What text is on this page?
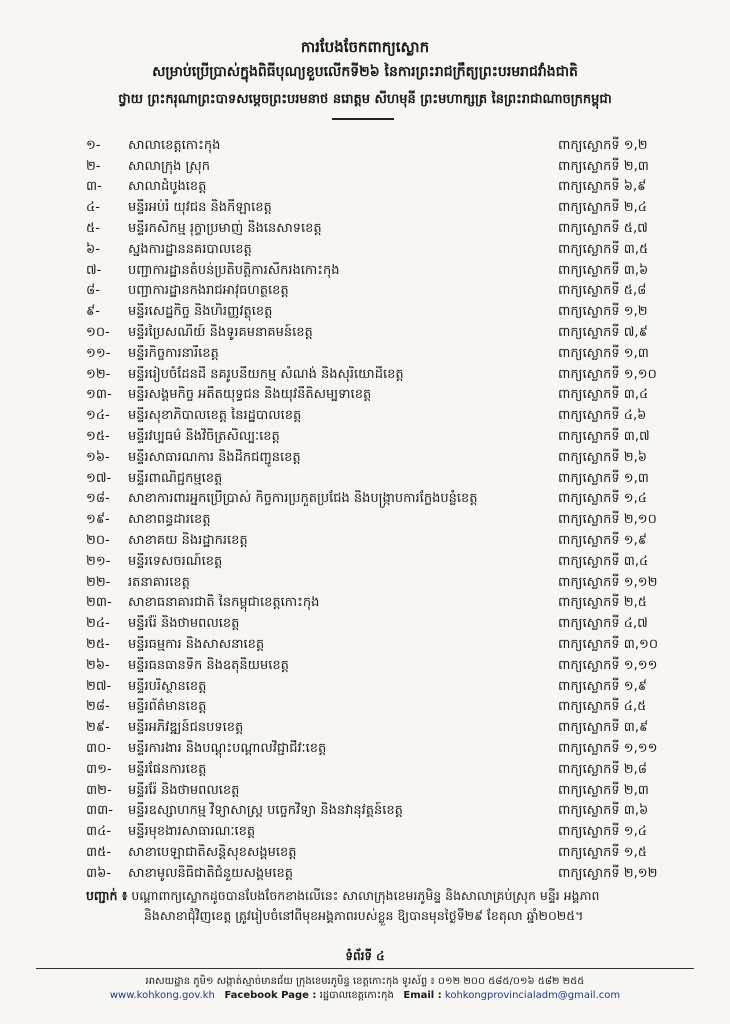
ការបែងចែកពាក្យស្លោក
សម្រាប់ប្រើប្រាស់ក្នុងពិធីបុណ្យខួបលើកទី២៦ នៃការព្រះរាជក្រឹត្យព្រះបរមរាជវាំងជាតិ
ថ្វាយ ព្រះករុណាព្រះបាទសម្ដេចព្រះបរមនាថ នរោត្តម សីហមុនី ព្រះមហាក្សត្រ នៃព្រះរាជាណាចក្រកម្ពុជា
១-	សាលាខេត្តកោះកុង	ពាក្យស្លោកទី ១,២
២-	សាលាក្រុង ស្រុក	ពាក្យស្លោកទី ២,៣
៣-	សាលាដំបូងខេត្ត	ពាក្យស្លោកទី ៦,៩
៤-	មន្ទីរអប់រំ យុវជន និងកីឡាខេត្ត	ពាក្យស្លោកទី ២,៤
៥-	មន្ទីរកសិកម្ម រុក្ខាប្រមាញ់ និងនេសាទខេត្ត	ពាក្យស្លោកទី ៥,៧
៦-	ស្នងការដ្ឋាននគរបាលខេត្ត	ពាក្យស្លោកទី ៣,៥
៧-	បញ្ជាការដ្ឋានតំបន់ប្រតិបត្តិការសឹករងកោះកុង	ពាក្យស្លោកទី ៣,៦
៨-	បញ្ជាការដ្ឋានកងរាជអាវុធហត្ថខេត្ត	ពាក្យស្លោកទី ៥,៨
៩-	មន្ទីរសេដ្ឋកិច្ច និងហិរញ្ញវត្ថុខេត្ត	ពាក្យស្លោកទី ១,២
១០-	មន្ទីរប្រៃសណីយ៍ និងទូរគមនាគមន៍ខេត្ត	ពាក្យស្លោកទី ៧,៩
១១-	មន្ទីរកិច្ចការនារីខេត្ត	ពាក្យស្លោកទី ១,៣
១២-	មន្ទីររៀបចំដែនដី នគរូបនីយកម្ម សំណង់ និងសុរិយោដីខេត្ត	ពាក្យស្លោកទី ១,១០
១៣-	មន្ទីរសង្គមកិច្ច អតីតយុទ្ធជន និងយុវនីតិសម្បទាខេត្ត	ពាក្យស្លោកទី ៣,៤
១៤-	មន្ទីរសុខាភិបាលខេត្ត នៃរដ្ឋបាលខេត្ត	ពាក្យស្លោកទី ៤,៦
១៥-	មន្ទីរវប្បធម៌ និងវិចិត្រសិល្បៈខេត្ត	ពាក្យស្លោកទី ៣,៧
១៦-	មន្ទីរសាធារណការ និងដឹកជញ្ជូនខេត្ត	ពាក្យស្លោកទី ២,៦
១៧-	មន្ទីរពាណិជ្ជកម្មខេត្ត	ពាក្យស្លោកទី ១,៣
១៨-	សាខាការពារអ្នកប្រើប្រាស់ កិច្ចការប្រកួតប្រជែង និងបង្ក្រាបការក្លែងបន្លំខេត្ត	ពាក្យស្លោកទី ១,៤
១៩-	សាខាពន្ធដារខេត្ត	ពាក្យស្លោកទី ២,១០
២០-	សាខាគយ និងរដ្ឋាករខេត្ត	ពាក្យស្លោកទី ១,៩
២១-	មន្ទីរទេសចរណ៍ខេត្ត	ពាក្យស្លោកទី ៣,៤
២២-	រតនាគារខេត្ត	ពាក្យស្លោកទី ១,១២
២៣-	សាខាធនាគារជាតិ នៃកម្ពុជាខេត្តកោះកុង	ពាក្យស្លោកទី ២,៥
២៤-	មន្ទីររ៉ែ និងថាមពលខេត្ត	ពាក្យស្លោកទី ៤,៧
២៥-	មន្ទីរធម្មការ និងសាសនាខេត្ត	ពាក្យស្លោកទី ៣,១០
២៦-	មន្ទីរធនធានទឹក និងឧតុនិយមខេត្ត	ពាក្យស្លោកទី ១,១១
២៧-	មន្ទីរបរិស្ថានខេត្ត	ពាក្យស្លោកទី ១,៩
២៨-	មន្ទីរព័ត៌មានខេត្ត	ពាក្យស្លោកទី ៤,៥
២៩-	មន្ទីរអភិវឌ្ឍន៍ជនបទខេត្ត	ពាក្យស្លោកទី ៣,៩
៣០-	មន្ទីរការងារ និងបណ្តុះបណ្តាលវិជ្ជាជីវៈខេត្ត	ពាក្យស្លោកទី ១,១១
៣១-	មន្ទីរផែនការខេត្ត	ពាក្យស្លោកទី ២,៨
៣២-	មន្ទីររ៉ែ និងថាមពលខេត្ត	ពាក្យស្លោកទី ២,៣
៣៣-	មន្ទីរឧស្សាហកម្ម វិទ្យាសាស្ត្រ បច្ចេកវិទ្យា និងនវានុវត្តន៍ខេត្ត	ពាក្យស្លោកទី ៣,៦
៣៤-	មន្ទីរមុខងារសាធារណៈខេត្ត	ពាក្យស្លោកទី ១,៤
៣៥-	សាខាបេឡាជាតិសន្តិសុខសង្គមខេត្ត	ពាក្យស្លោកទី ១,៥
៣៦-	សាខាមូលនិធិជាតិជំនួយសង្គមខេត្ត	ពាក្យស្លោកទី ២,១២
បញ្ជាក់ ៖ បណ្ដាពាក្យស្លោកដូចបានបែងចែកខាងលើនេះ សាលាក្រុងខេមរភូមិន្ទ និងសាលាគ្រប់ស្រុក មន្ទីរ អង្គភាព
និងសាខាជុំវិញខេត្ត ត្រូវរៀបចំនៅពីមុខអង្គភាពរបស់ខ្លួន ឱ្យបានមុនថ្ងៃទី២៩ ខែតុលា ឆ្នាំ២០២៥។
ទំព័រទី ៤
អាសយដ្ឋាន ភូមិ១ សង្កាត់ស្មាច់មានជ័យ ក្រុងខេមរភូមិន្ទ ខេត្តកោះកុង ទូរស័ព្ទ ៖ ០១២ ២០០ ៥៨៥/០១៦ ៥៨២ ២៥៥
www.kohkong.gov.kh Facebook Page : រដ្ឋបាលខេត្តកោះកុង Email : kohkongprovincialadm@gmail.com
